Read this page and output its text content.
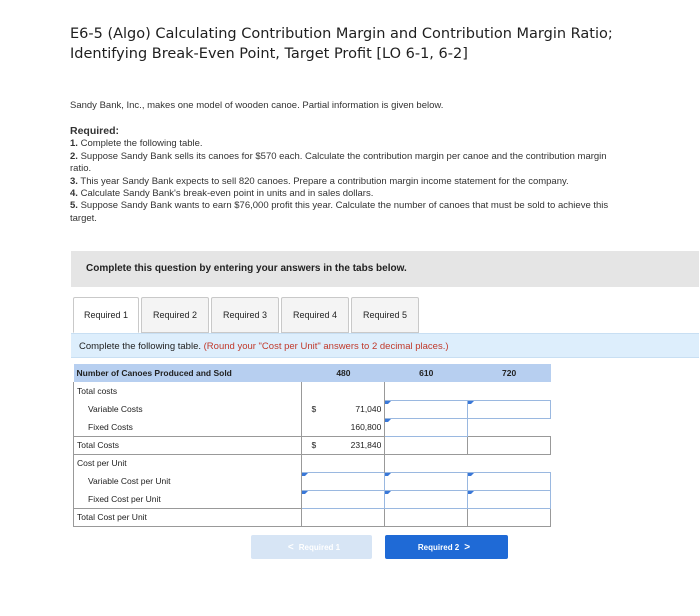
E6-5 (Algo) Calculating Contribution Margin and Contribution Margin Ratio;
Identifying Break-Even Point, Target Profit [LO 6-1, 6-2]
Sandy Bank, Inc., makes one model of wooden canoe. Partial information is given below.
Required:
1. Complete the following table.
2. Suppose Sandy Bank sells its canoes for $570 each. Calculate the contribution margin per canoe and the contribution margin ratio.
3. This year Sandy Bank expects to sell 820 canoes. Prepare a contribution margin income statement for the company.
4. Calculate Sandy Bank's break-even point in units and in sales dollars.
5. Suppose Sandy Bank wants to earn $76,000 profit this year. Calculate the number of canoes that must be sold to achieve this target.
Complete this question by entering your answers in the tabs below.
Required 1	Required 2	Required 3	Required 4	Required 5
Complete the following table. (Round your "Cost per Unit" answers to 2 decimal places.)
Number of Canoes Produced and Sold	480	610	720
Total costs			
Variable Costs	$ 71,040		

Fixed Costs	160,800	

Total Costs	$ 231,840		

Cost per Unit			
Variable Cost per Unit	

Fixed Cost per Unit	

Total Cost per Unit			
< Required 1	Required 2 >
